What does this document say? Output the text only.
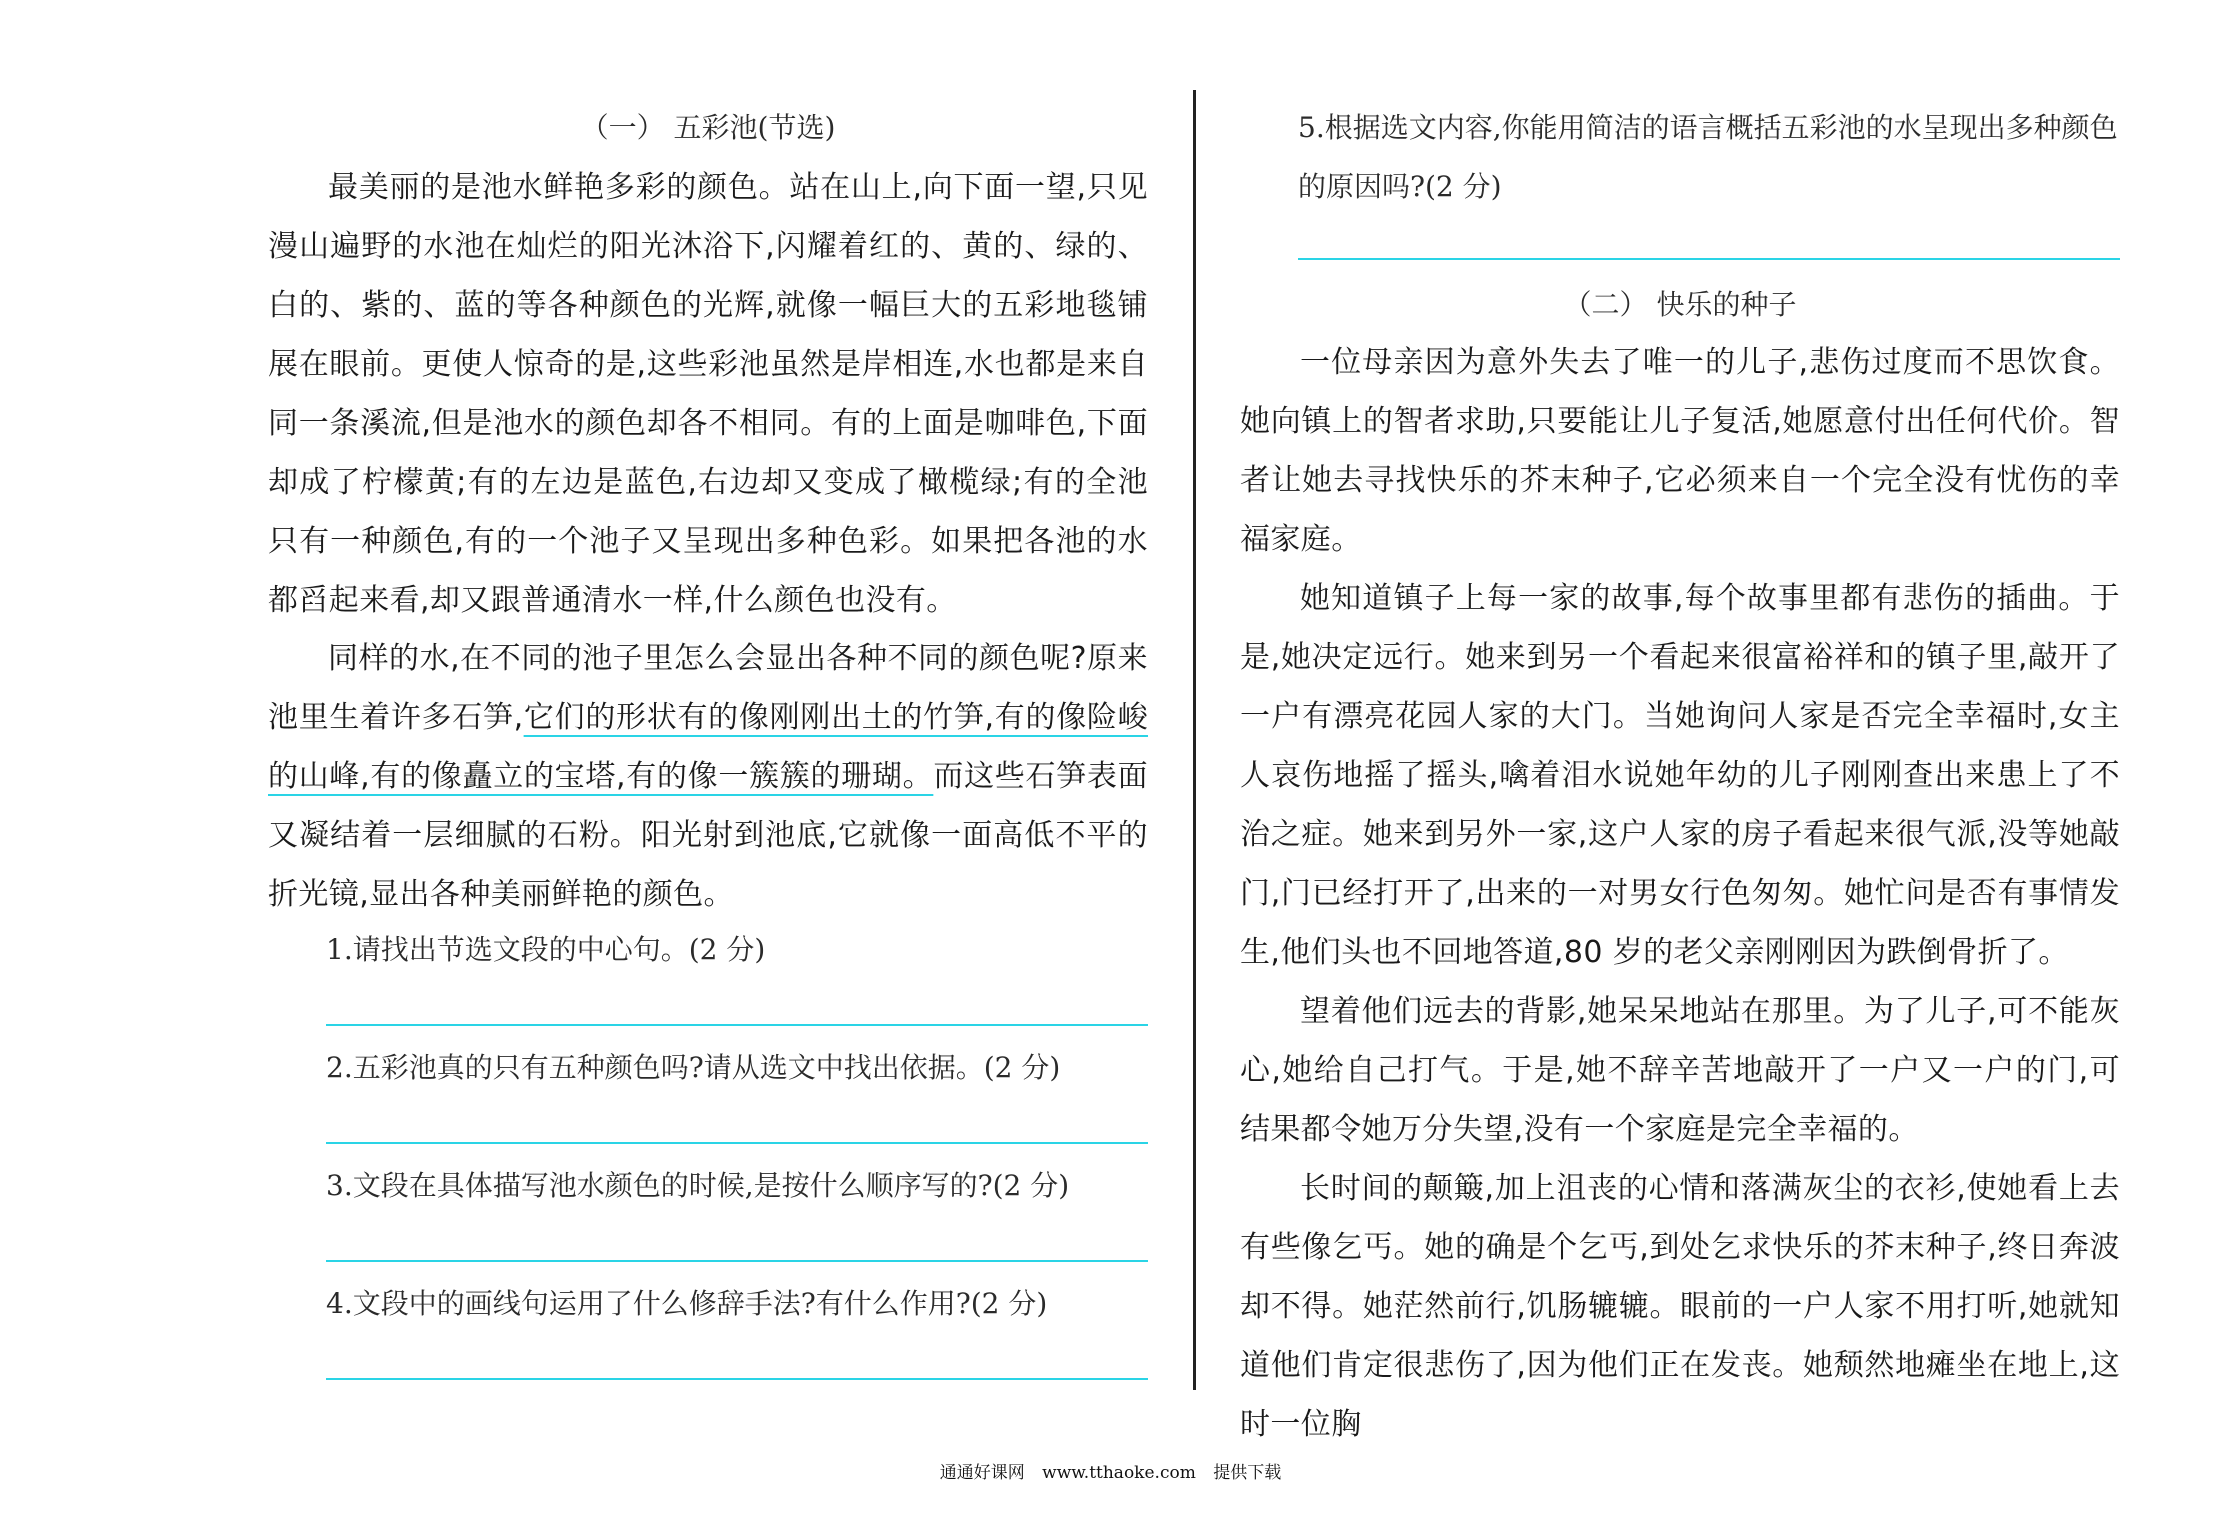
（一） 五彩池(节选)

最美丽的是池水鲜艳多彩的颜色。站在山上,向下面一望,只见漫山遍野的水池在灿烂的阳光沐浴下,闪耀着红的、黄的、绿的、白的、紫的、蓝的等各种颜色的光辉,就像一幅巨大的五彩地毯铺展在眼前。更使人惊奇的是,这些彩池虽然是岸相连,水也都是来自同一条溪流,但是池水的颜色却各不相同。有的上面是咖啡色,下面却成了柠檬黄;有的左边是蓝色,右边却又变成了橄榄绿;有的全池只有一种颜色,有的一个池子又呈现出多种色彩。如果把各池的水都舀起来看,却又跟普通清水一样,什么颜色也没有。

同样的水,在不同的池子里怎么会显出各种不同的颜色呢?原来池里生着许多石笋,它们的形状有的像刚刚出土的竹笋,有的像险峻的山峰,有的像矗立的宝塔,有的像一簇簇的珊瑚。而这些石笋表面又凝结着一层细腻的石粉。阳光射到池底,它就像一面高低不平的折光镜,显出各种美丽鲜艳的颜色。

1.请找出节选文段的中心句。(2 分)
2.五彩池真的只有五种颜色吗?请从选文中找出依据。(2 分)
3.文段在具体描写池水颜色的时候,是按什么顺序写的?(2 分)
4.文段中的画线句运用了什么修辞手法?有什么作用?(2 分)
5.根据选文内容,你能用简洁的语言概括五彩池的水呈现出多种颜色的原因吗?(2 分)
（二） 快乐的种子

一位母亲因为意外失去了唯一的儿子,悲伤过度而不思饮食。她向镇上的智者求助,只要能让儿子复活,她愿意付出任何代价。智者让她去寻找快乐的芥末种子,它必须来自一个完全没有忧伤的幸福家庭。

她知道镇子上每一家的故事,每个故事里都有悲伤的插曲。于是,她决定远行。她来到另一个看起来很富裕祥和的镇子里,敲开了一户有漂亮花园人家的大门。当她询问人家是否完全幸福时,女主人哀伤地摇了摇头,噙着泪水说她年幼的儿子刚刚查出来患上了不治之症。她来到另外一家,这户人家的房子看起来很气派,没等她敲门,门已经打开了,出来的一对男女行色匆匆。她忙问是否有事情发生,他们头也不回地答道,80 岁的老父亲刚刚因为跌倒骨折了。

望着他们远去的背影,她呆呆地站在那里。为了儿子,可不能灰心,她给自己打气。于是,她不辞辛苦地敲开了一户又一户的门,可结果都令她万分失望,没有一个家庭是完全幸福的。

长时间的颠簸,加上沮丧的心情和落满灰尘的衣衫,使她看上去有些像乞丐。她的确是个乞丐,到处乞求快乐的芥末种子,终日奔波却不得。她茫然前行,饥肠辘辘。眼前的一户人家不用打听,她就知道他们肯定很悲伤了,因为他们正在发丧。她颓然地瘫坐在地上,这时一位胸

通通好课网 www.tthaoke.com 提供下载
